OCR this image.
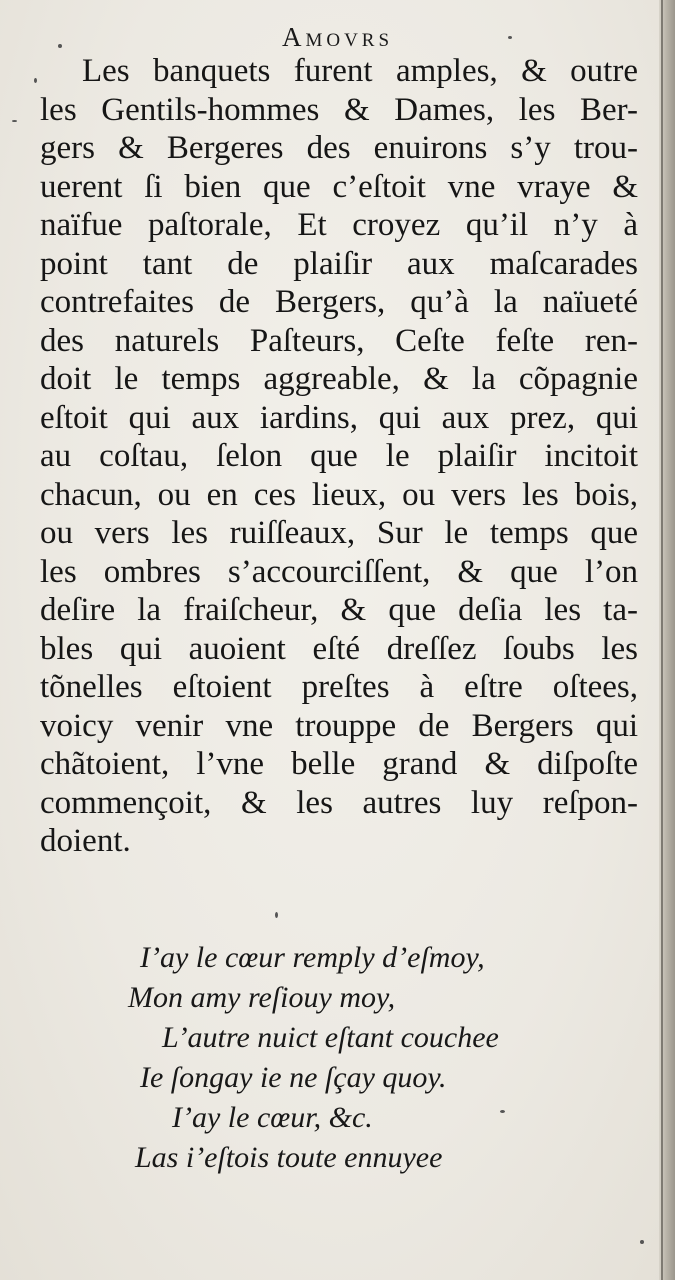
Amovrs
Les banquets furent amples, & outre
les Gentils-hommes & Dames, les Ber-
gers & Bergeres des enuirons s’y trou-
uerent ſi bien que c’eſtoit vne vraye &
naïfue paſtorale, Et croyez qu’il n’y à
point tant de plaiſir aux maſcarades
contrefaites de Bergers, qu’à la naïueté
des naturels Paſteurs, Ceſte feſte ren-
doit le temps aggreable, & la cõpagnie
eſtoit qui aux iardins, qui aux prez, qui
au coſtau, ſelon que le plaiſir incitoit
chacun, ou en ces lieux, ou vers les bois,
ou vers les ruiſſeaux, Sur le temps que
les ombres s’accourciſſent, & que l’on
deſire la fraiſcheur, & que deſia les ta-
bles qui auoient eſté dreſſez ſoubs les
tõnelles eſtoient preſtes à eſtre oſtees,
voicy venir vne trouppe de Bergers qui
chãtoient, l’vne belle grand & diſpoſte
commençoit, & les autres luy reſpon-
doient.
I’ay le cœur remply d’eſmoy,
Mon amy reſiouy moy,
L’autre nuict eſtant couchee
Ie ſongay ie ne ſçay quoy.
I’ay le cœur, &c.
Las i’eſtois toute ennuyee
